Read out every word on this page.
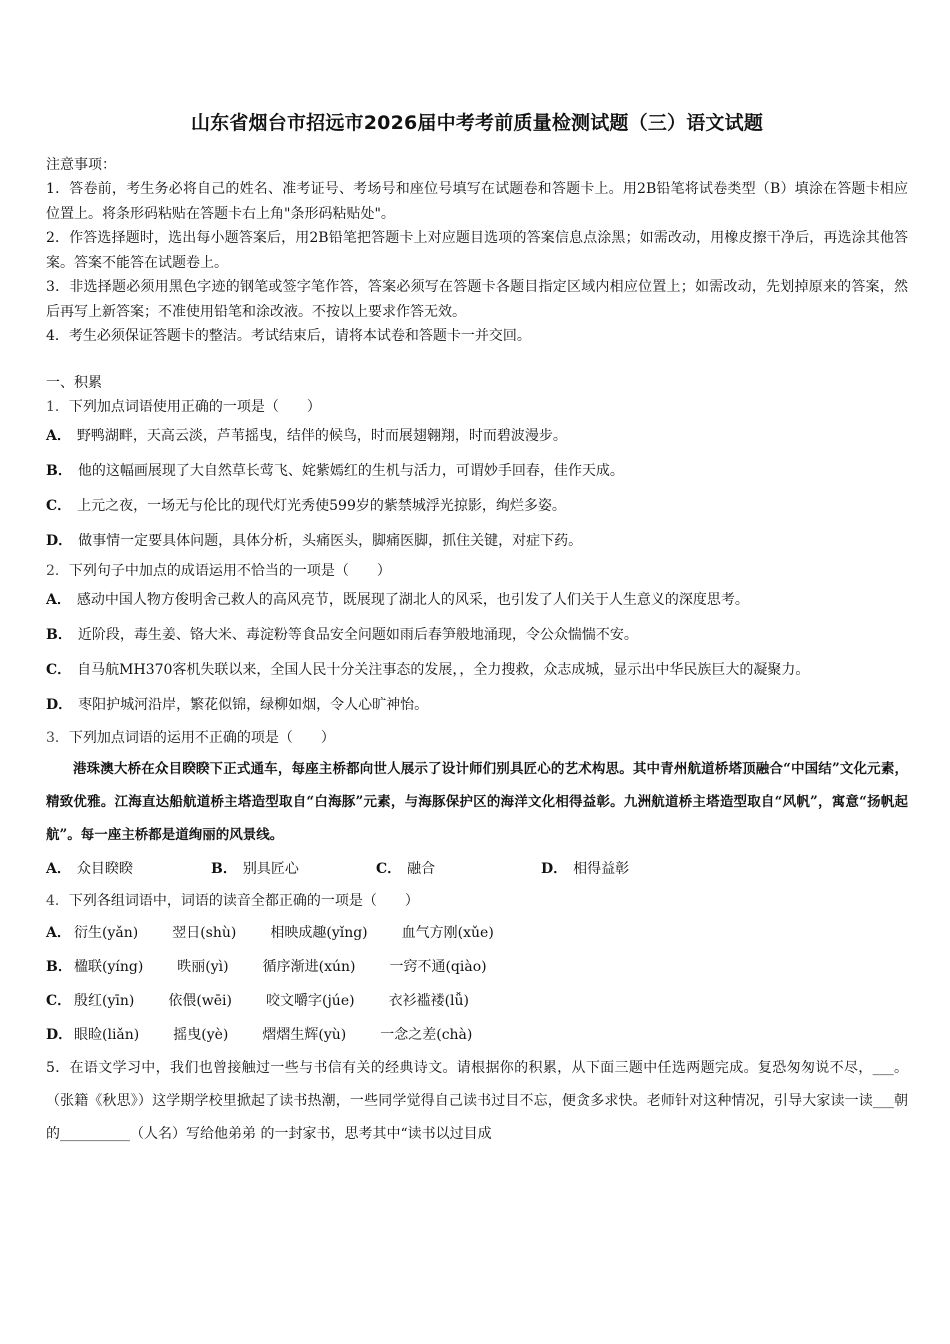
山东省烟台市招远市2026届中考考前质量检测试题（三）语文试题
注意事项：

1．答卷前，考生务必将自己的姓名、准考证号、考场号和座位号填写在试题卷和答题卡上。用2B铅笔将试卷类型（B）填涂在答题卡相应位置上。将条形码粘贴在答题卡右上角"条形码粘贴处"。

2．作答选择题时，选出每小题答案后，用2B铅笔把答题卡上对应题目选项的答案信息点涂黑；如需改动，用橡皮擦干净后，再选涂其他答案。答案不能答在试题卷上。

3．非选择题必须用黑色字迹的钢笔或签字笔作答，答案必须写在答题卡各题目指定区域内相应位置上；如需改动，先划掉原来的答案，然后再写上新答案；不准使用铅笔和涂改液。不按以上要求作答无效。

4．考生必须保证答题卡的整洁。考试结束后，请将本试卷和答题卡一并交回。

一、积累

1．下列加点词语使用正确的一项是（　　）

A． 野鸭湖畔，天高云淡，芦苇摇曳，结伴的候鸟，时而展翅翱翔，时而碧波漫步。

B． 他的这幅画展现了大自然草长莺飞、姹紫嫣红的生机与活力，可谓妙手回春，佳作天成。

C． 上元之夜，一场无与伦比的现代灯光秀使599岁的紫禁城浮光掠影，绚烂多姿。

D． 做事情一定要具体问题，具体分析，头痛医头，脚痛医脚，抓住关键，对症下药。

2．下列句子中加点的成语运用不恰当的一项是（　　）

A． 感动中国人物方俊明舍己救人的高风亮节，既展现了湖北人的风采，也引发了人们关于人生意义的深度思考。

B． 近阶段，毒生姜、铬大米、毒淀粉等食品安全问题如雨后春笋般地涌现，令公众惴惴不安。

C． 自马航MH370客机失联以来，全国人民十分关注事态的发展，，全力搜救，众志成城，显示出中华民族巨大的凝聚力。

D． 枣阳护城河沿岸，繁花似锦，绿柳如烟，令人心旷神怡。

3．下列加点词语的运用不正确的项是（　　）

港珠澳大桥在众目睽睽下正式通车，每座主桥都向世人展示了设计师们别具匠心的艺术构思。其中青州航道桥塔顶融合“中国结”文化元素，精致优雅。江海直达船航道桥主塔造型取自“白海豚”元素，与海豚保护区的海洋文化相得益彰。九洲航道桥主塔造型取自“风帆”，寓意“扬帆起航”。每一座主桥都是道绚丽的风景线。

A． 众目睽睽	B． 别具匠心	C． 融合	D． 相得益彰

4．下列各组词语中，词语的读音全都正确的一项是（　　）

A． 衍生(yǎn) 翌日(shù) 相映成趣(yǐng) 血气方刚(xǔe)
B． 楹联(yíng) 昳丽(yì) 循序渐进(xún) 一窍不通(qiào)
C． 殷红(yīn) 依偎(wēi) 咬文嚼字(júe) 衣衫褴褛(lǚ)
D． 眼睑(liǎn) 摇曳(yè) 熠熠生辉(yù) 一念之差(chà)

5．在语文学习中，我们也曾接触过一些与书信有关的经典诗文。请根据你的积累，从下面三题中任选两题完成。复恐匆匆说不尽，___。（张籍《秋思》）这学期学校里掀起了读书热潮，一些同学觉得自己读书过目不忘，便贪多求快。老师针对这种情况，引导大家读一读___朝的__________（人名）写给他弟弟 的一封家书，思考其中“读书以过目成
